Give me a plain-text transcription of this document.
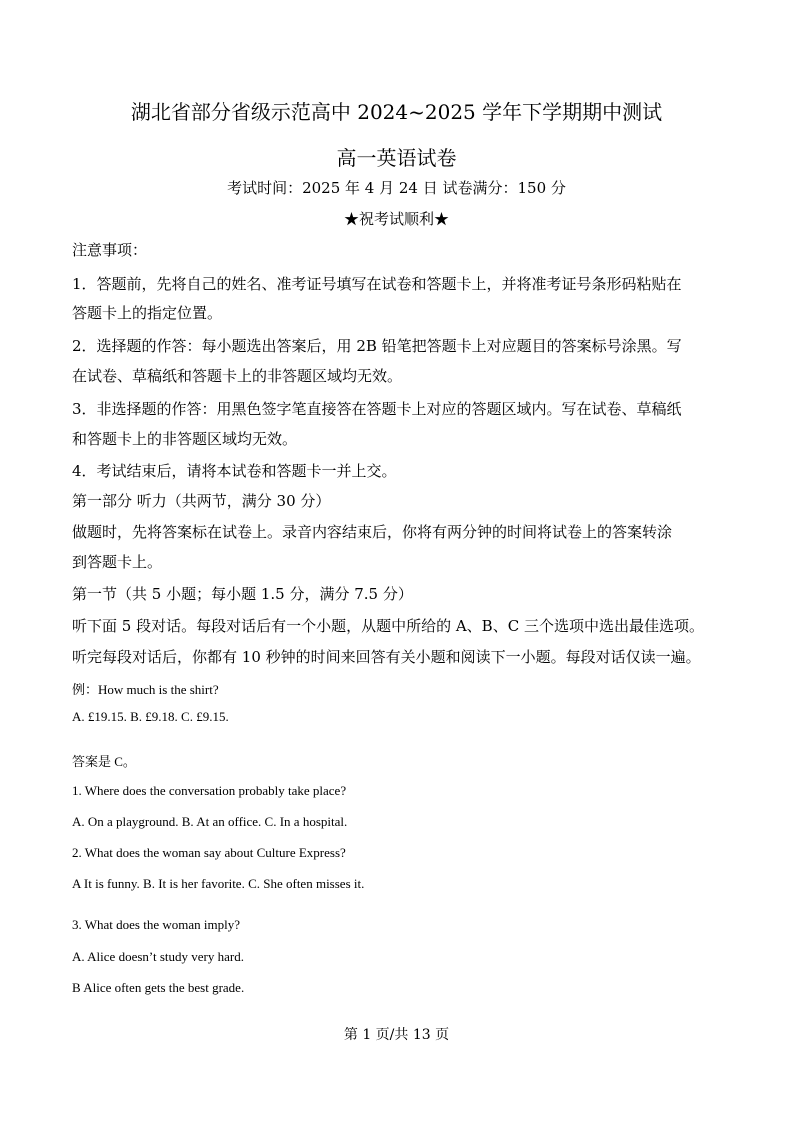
湖北省部分省级示范高中 2024~2025 学年下学期期中测试
高一英语试卷
考试时间：2025 年 4 月 24 日 试卷满分：150 分
★祝考试顺利★
注意事项：
1．答题前，先将自己的姓名、准考证号填写在试卷和答题卡上，并将准考证号条形码粘贴在
答题卡上的指定位置。
2．选择题的作答：每小题选出答案后，用 2B 铅笔把答题卡上对应题目的答案标号涂黑。写
在试卷、草稿纸和答题卡上的非答题区域均无效。
3．非选择题的作答：用黑色签字笔直接答在答题卡上对应的答题区域内。写在试卷、草稿纸
和答题卡上的非答题区域均无效。
4．考试结束后，请将本试卷和答题卡一并上交。
第一部分 听力（共两节，满分 30 分）
做题时，先将答案标在试卷上。录音内容结束后，你将有两分钟的时间将试卷上的答案转涂
到答题卡上。
第一节（共 5 小题；每小题 1.5 分，满分 7.5 分）
听下面 5 段对话。每段对话后有一个小题，从题中所给的 A、B、C 三个选项中选出最佳选项。
听完每段对话后，你都有 10 秒钟的时间来回答有关小题和阅读下一小题。每段对话仅读一遍。
例：How much is the shirt?
A. £19.15. B. £9.18. C. £9.15.
答案是 C。
1. Where does the conversation probably take place?
A. On a playground. B. At an office. C. In a hospital.
2. What does the woman say about Culture Express?
A It is funny. B. It is her favorite. C. She often misses it.
3. What does the woman imply?
A. Alice doesn’t study very hard.
B Alice often gets the best grade.
第 1 页/共 13 页
